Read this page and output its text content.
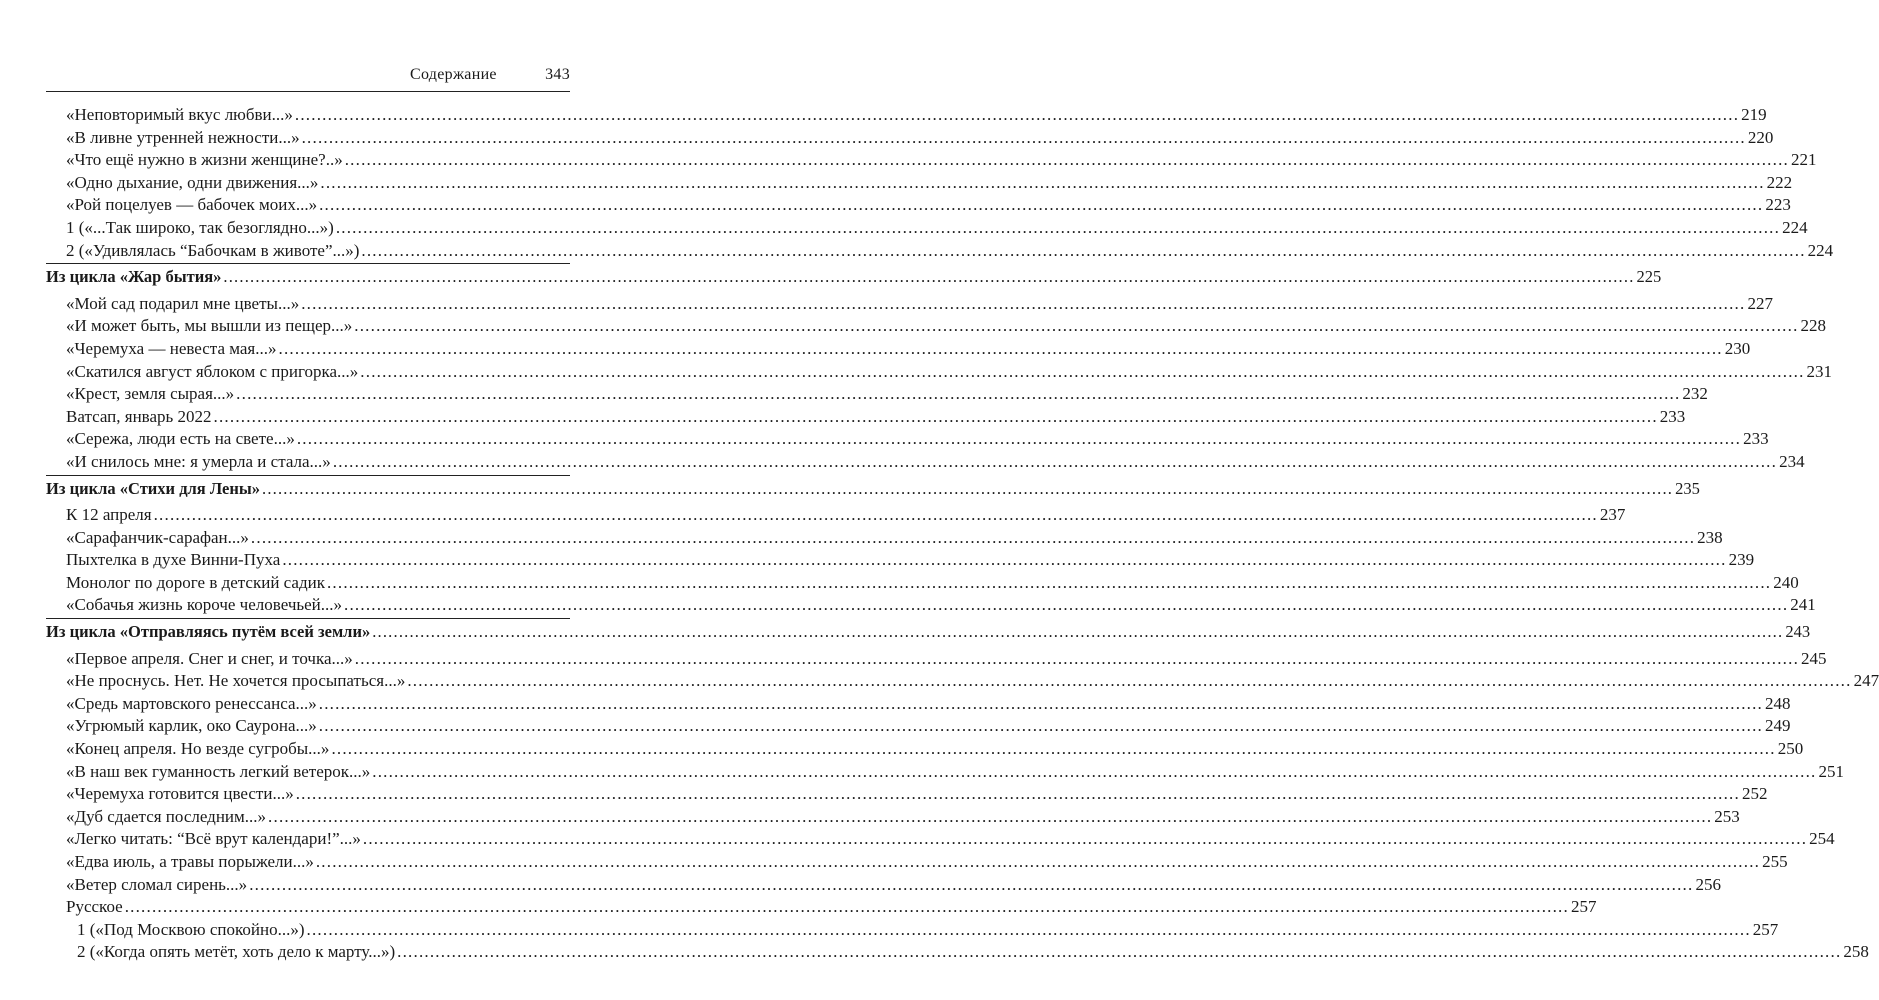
Содержание	343
«Неповторимый вкус любви...» .....	219
«В ливне утренней нежности...» .....	220
«Что ещё нужно в жизни женщине?..» .....	221
«Одно дыхание, одни движения...» .....	222
«Рой поцелуев — бабочек моих...» .....	223
1 («...Так широко, так безоглядно...») .....	224
2 («Удивлялась “Бабочкам в животе”...») .....	224
Из цикла «Жар бытия» .....	225
«Мой сад подарил мне цветы...» .....	227
«И может быть, мы вышли из пещер...» .....	228
«Черемуха — невеста мая...» .....	230
«Скатился август яблоком с пригорка...» .....	231
«Крест, земля сырая...» .....	232
Ватсап, январь 2022 .....	233
«Сережа, люди есть на свете...» .....	233
«И снилось мне: я умерла и стала...» .....	234
Из цикла «Стихи для Лены» .....	235
К 12 апреля .....	237
«Сарафанчик-сарафан...» .....	238
Пыхтелка в духе Винни-Пуха .....	239
Монолог по дороге в детский садик .....	240
«Собачья жизнь короче человечьей...» .....	241
Из цикла «Отправляясь путём всей земли» .....	243
«Первое апреля. Снег и снег, и точка...» .....	245
«Не проснусь. Нет. Не хочется просыпаться...» .....	247
«Средь мартовского ренессанса...» .....	248
«Угрюмый карлик, око Саурона...» .....	249
«Конец апреля. Но везде сугробы...» .....	250
«В наш век гуманность легкий ветерок...» .....	251
«Черемуха готовится цвести...» .....	252
«Дуб сдается последним...» .....	253
«Легко читать: “Всё врут календари!”...» .....	254
«Едва июль, а травы порыжели...» .....	255
«Ветер сломал сирень...» .....	256
Русское .....	257
1 («Под Москвою спокойно...») .....	257
2 («Когда опять метёт, хоть дело к марту...») .....	258
